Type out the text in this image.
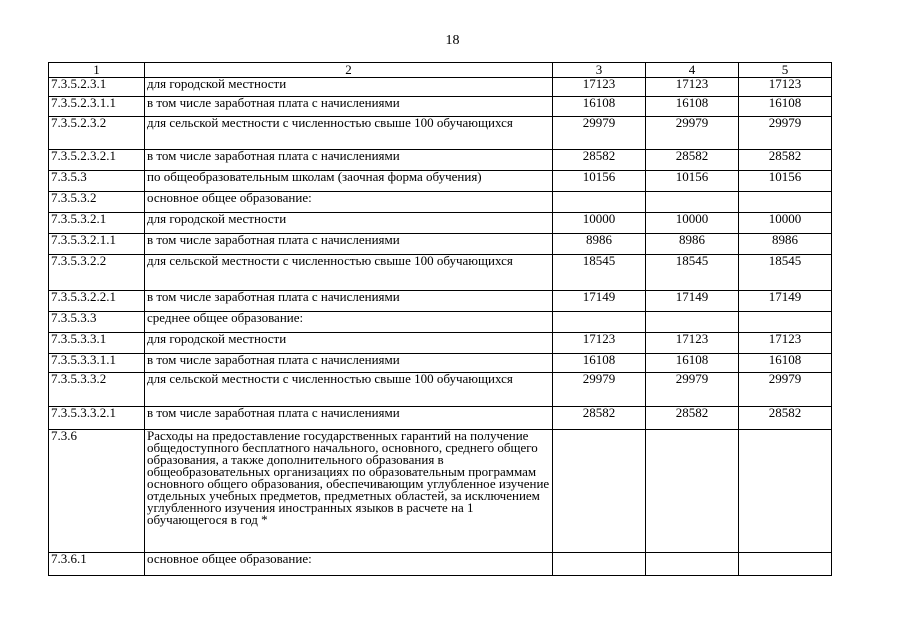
18
1	2	3	4	5
7.3.5.2.3.1	для городской местности	17123	17123	17123
7.3.5.2.3.1.1	в том числе заработная плата с начислениями	16108	16108	16108
7.3.5.2.3.2	для сельской местности с численностью свыше 100 обучающихся	29979	29979	29979
7.3.5.2.3.2.1	в том числе заработная плата с начислениями	28582	28582	28582
7.3.5.3	по общеобразовательным школам (заочная форма обучения)	10156	10156	10156
7.3.5.3.2	основное общее образование:			
7.3.5.3.2.1	для городской местности	10000	10000	10000
7.3.5.3.2.1.1	в том числе заработная плата с начислениями	8986	8986	8986
7.3.5.3.2.2	для сельской местности с численностью свыше 100 обучающихся	18545	18545	18545
7.3.5.3.2.2.1	в том числе заработная плата с начислениями	17149	17149	17149
7.3.5.3.3	среднее общее образование:			
7.3.5.3.3.1	для городской местности	17123	17123	17123
7.3.5.3.3.1.1	в том числе заработная плата с начислениями	16108	16108	16108
7.3.5.3.3.2	для сельской местности с численностью свыше 100 обучающихся	29979	29979	29979
7.3.5.3.3.2.1	в том числе заработная плата с начислениями	28582	28582	28582
7.3.6	Расходы на предоставление государственных гарантий на получение общедоступного бесплатного начального, основного, среднего общего образования, а также дополнительного образования в общеобразовательных организациях по образовательным программам основного общего образования, обеспечивающим углубленное изучение отдельных учебных предметов, предметных областей, за исключением углубленного изучения иностранных языков в расчете на 1 обучающегося в год *			
7.3.6.1	основное общее образование:			
